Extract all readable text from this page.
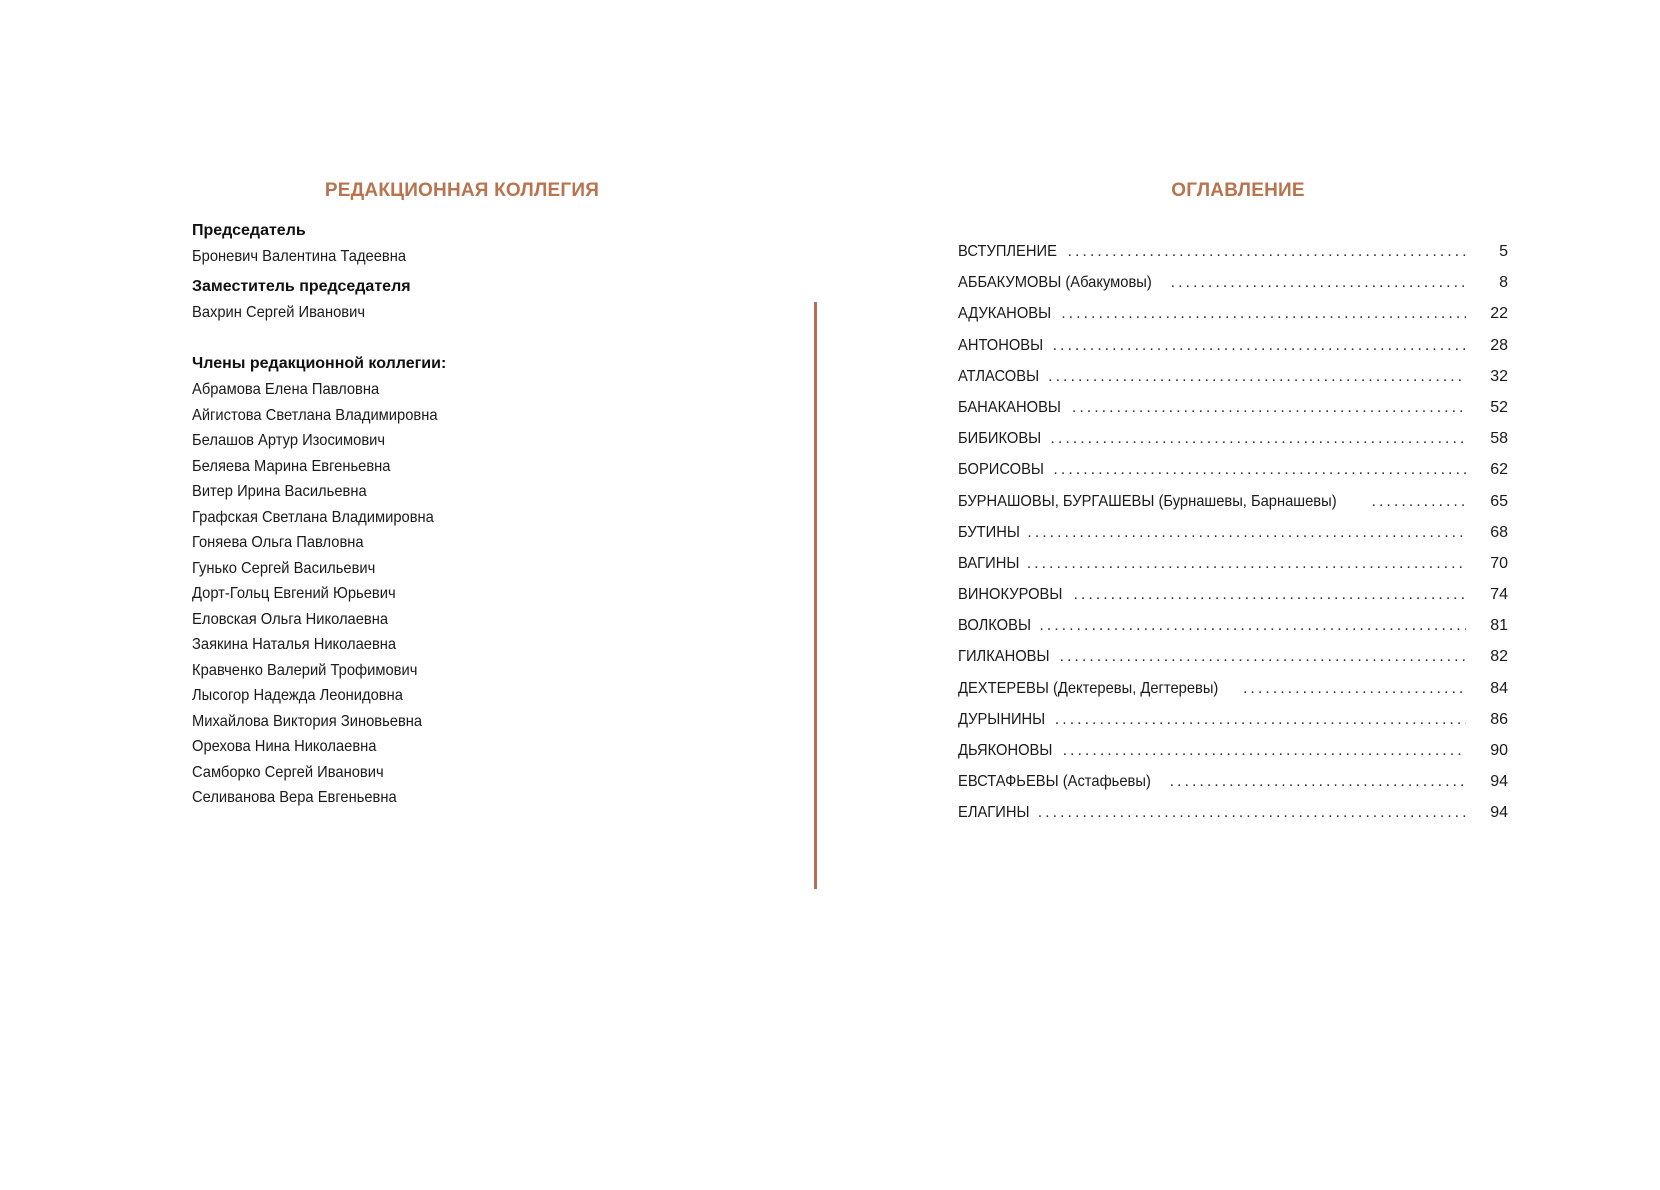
РЕДАКЦИОННАЯ КОЛЛЕГИЯ
Председатель
Броневич Валентина Тадеевна
Заместитель председателя
Вахрин Сергей Иванович
Члены редакционной коллегии:
Абрамова Елена Павловна
Айгистова Светлана Владимировна
Белашов Артур Изосимович
Беляева Марина Евгеньевна
Витер Ирина Васильевна
Графская Светлана Владимировна
Гоняева Ольга Павловна
Гунько Сергей Васильевич
Дорт-Гольц Евгений Юрьевич
Еловская Ольга Николаевна
Заякина Наталья Николаевна
Кравченко Валерий Трофимович
Лысогор Надежда Леонидовна
Михайлова Виктория Зиновьевна
Орехова Нина Николаевна
Самборко Сергей Иванович
Селиванова Вера Евгеньевна
ОГЛАВЛЕНИЕ
ВСТУПЛЕНИЕ .....	5
АББАКУМОВЫ (Абакумовы) .....	8
АДУКАНОВЫ .....	22
АНТОНОВЫ .....	28
АТЛАСОВЫ .....	32
БАНАКАНОВЫ .....	52
БИБИКОВЫ .....	58
БОРИСОВЫ .....	62
БУРНАШОВЫ, БУРГАШЕВЫ (Бурнашевы, Барнашевы) .....	65
БУТИНЫ .....	68
ВАГИНЫ .....	70
ВИНОКУРОВЫ .....	74
ВОЛКОВЫ .....	81
ГИЛКАНОВЫ .....	82
ДЕХТЕРЕВЫ (Дектеревы, Дегтеревы) .....	84
ДУРЫНИНЫ .....	86
ДЬЯКОНОВЫ .....	90
ЕВСТАФЬЕВЫ (Астафьевы) .....	94
ЕЛАГИНЫ .....	94
